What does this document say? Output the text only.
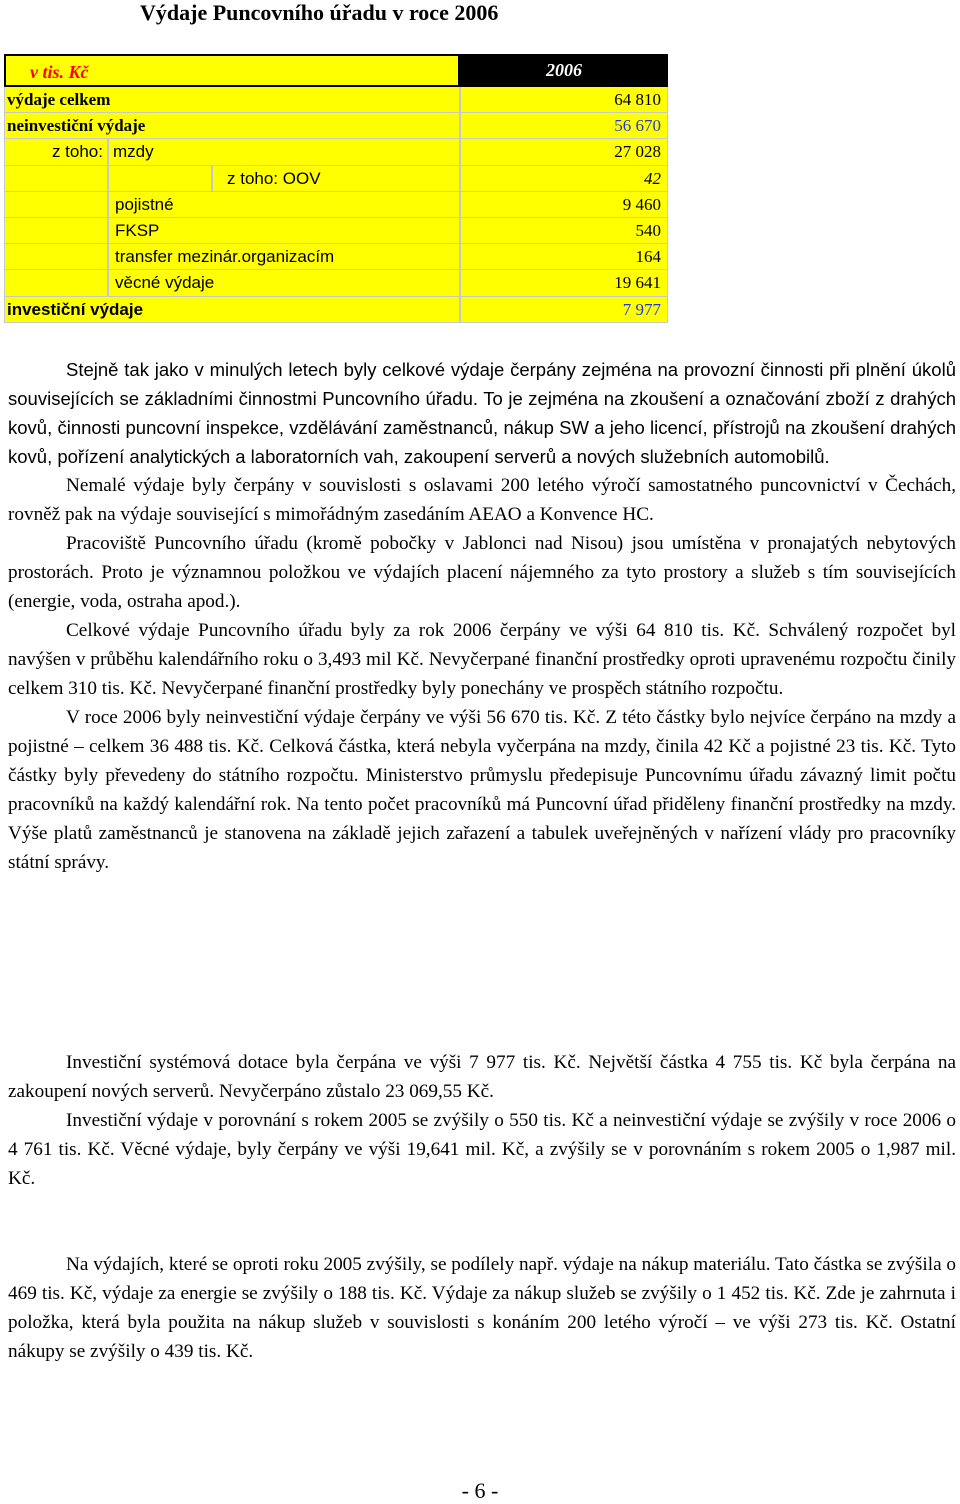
Výdaje Puncovního úřadu v roce 2006
v tis. Kč	2006
výdaje celkem	64 810
neinvestiční výdaje	56 670
z toho: mzdy	27 028
z toho: OOV	42
pojistné	9 460
FKSP	540
transfer mezinár.organizacím	164
věcné výdaje	19 641
investiční výdaje	7 977

Stejně tak jako v minulých letech byly celkové výdaje čerpány zejména na provozní činnosti při plnění úkolů souvisejících se základními činnostmi Puncovního úřadu. To je zejména na zkoušení a označování zboží z drahých kovů, činnosti puncovní inspekce, vzdělávání zaměstnanců, nákup SW a jeho licencí, přístrojů na zkoušení drahých kovů, pořízení analytických a laboratorních vah, zakoupení serverů a nových služebních automobilů.

Nemalé výdaje byly čerpány v souvislosti s oslavami 200 letého výročí samostatného puncovnictví v Čechách, rovněž pak na výdaje související s mimořádným zasedáním AEAO a Konvence HC.

Pracoviště Puncovního úřadu (kromě pobočky v Jablonci nad Nisou) jsou umístěna v pronajatých nebytových prostorách. Proto je významnou položkou ve výdajích placení nájemného za tyto prostory a služeb s tím souvisejících (energie, voda, ostraha apod.).

Celkové výdaje Puncovního úřadu byly za rok 2006 čerpány ve výši 64 810 tis. Kč. Schválený rozpočet byl navýšen v průběhu kalendářního roku o 3,493 mil Kč. Nevyčerpané finanční prostředky oproti upravenému rozpočtu činily celkem 310 tis. Kč. Nevyčerpané finanční prostředky byly ponechány ve prospěch státního rozpočtu.

V roce 2006 byly neinvestiční výdaje čerpány ve výši 56 670 tis. Kč. Z této částky bylo nejvíce čerpáno na mzdy a pojistné – celkem 36 488 tis. Kč. Celková částka, která nebyla vyčerpána na mzdy, činila 42 Kč a pojistné 23 tis. Kč. Tyto částky byly převedeny do státního rozpočtu. Ministerstvo průmyslu předepisuje Puncovnímu úřadu závazný limit počtu pracovníků na každý kalendářní rok. Na tento počet pracovníků má Puncovní úřad přiděleny finanční prostředky na mzdy. Výše platů zaměstnanců je stanovena na základě jejich zařazení a tabulek uveřejněných v nařízení vlády pro pracovníky státní správy.

Investiční systémová dotace byla čerpána ve výši 7 977 tis. Kč. Největší částka 4 755 tis. Kč byla čerpána na zakoupení nových serverů. Nevyčerpáno zůstalo 23 069,55 Kč.

Investiční výdaje v porovnání s rokem 2005 se zvýšily o 550 tis. Kč a neinvestiční výdaje se zvýšily v roce 2006 o 4 761 tis. Kč. Věcné výdaje, byly čerpány ve výši 19,641 mil. Kč, a zvýšily se v porovnáním s rokem 2005 o 1,987 mil. Kč.

Na výdajích, které se oproti roku 2005 zvýšily, se podílely např. výdaje na nákup materiálu. Tato částka se zvýšila o 469 tis. Kč, výdaje za energie se zvýšily o 188 tis. Kč. Výdaje za nákup služeb se zvýšily o 1 452 tis. Kč. Zde je zahrnuta i položka, která byla použita na nákup služeb v souvislosti s konáním 200 letého výročí – ve výši 273 tis. Kč. Ostatní nákupy se zvýšily o 439 tis. Kč.

- 6 -
